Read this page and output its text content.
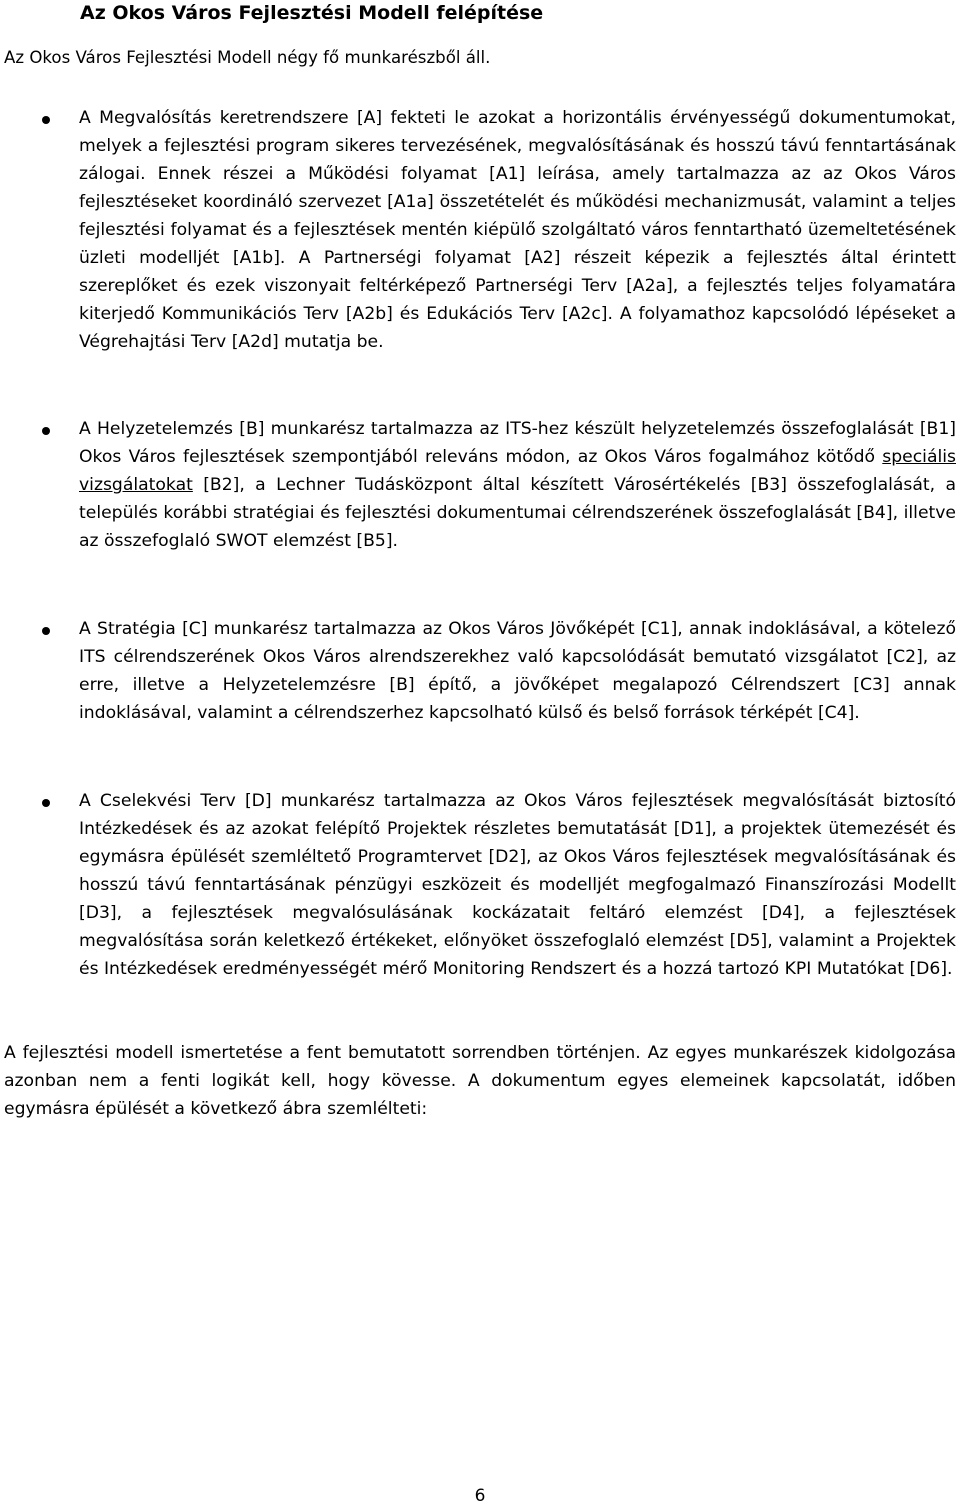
Az Okos Város Fejlesztési Modell felépítése
Az Okos Város Fejlesztési Modell négy fő munkarészből áll.
A Megvalósítás keretrendszere [A] fekteti le azokat a horizontális érvényességű dokumentumokat, melyek a fejlesztési program sikeres tervezésének, megvalósításának és hosszú távú fenntartásának zálogai. Ennek részei a Működési folyamat [A1] leírása, amely tartalmazza az az Okos Város fejlesztéseket koordináló szervezet [A1a] összetételét és működési mechanizmusát, valamint a teljes fejlesztési folyamat és a fejlesztések mentén kiépülő szolgáltató város fenntartható üzemeltetésének üzleti modelljét [A1b]. A Partnerségi folyamat [A2] részeit képezik a fejlesztés által érintett szereplőket és ezek viszonyait feltérképező Partnerségi Terv [A2a], a fejlesztés teljes folyamatára kiterjedő Kommunikációs Terv [A2b] és Edukációs Terv [A2c]. A folyamathoz kapcsolódó lépéseket a Végrehajtási Terv [A2d] mutatja be.
A Helyzetelemzés [B] munkarész tartalmazza az ITS-hez készült helyzetelemzés összefoglalását [B1] Okos Város fejlesztések szempontjából releváns módon, az Okos Város fogalmához kötődő speciális vizsgálatokat [B2], a Lechner Tudásközpont által készített Városértékelés [B3] összefoglalását, a település korábbi stratégiai és fejlesztési dokumentumai célrendszerének összefoglalását [B4], illetve az összefoglaló SWOT elemzést [B5].
A Stratégia [C] munkarész tartalmazza az Okos Város Jövőképét [C1], annak indoklásával, a kötelező ITS célrendszerének Okos Város alrendszerekhez való kapcsolódását bemutató vizsgálatot [C2], az erre, illetve a Helyzetelemzésre [B] építő, a jövőképet megalapozó Célrendszert [C3] annak indoklásával, valamint a célrendszerhez kapcsolható külső és belső források térképét [C4].
A Cselekvési Terv [D] munkarész tartalmazza az Okos Város fejlesztések megvalósítását biztosító Intézkedések és az azokat felépítő Projektek részletes bemutatását [D1], a projektek ütemezését és egymásra épülését szemléltető Programtervet [D2], az Okos Város fejlesztések megvalósításának és hosszú távú fenntartásának pénzügyi eszközeit és modelljét megfogalmazó Finanszírozási Modellt [D3], a fejlesztések megvalósulásának kockázatait feltáró elemzést [D4], a fejlesztések megvalósítása során keletkező értékeket, előnyöket összefoglaló elemzést [D5], valamint a Projektek és Intézkedések eredményességét mérő Monitoring Rendszert és a hozzá tartozó KPI Mutatókat [D6].
A fejlesztési modell ismertetése a fent bemutatott sorrendben történjen. Az egyes munkarészek kidolgozása azonban nem a fenti logikát kell, hogy kövesse. A dokumentum egyes elemeinek kapcsolatát, időben egymásra épülését a következő ábra szemlélteti:
6
